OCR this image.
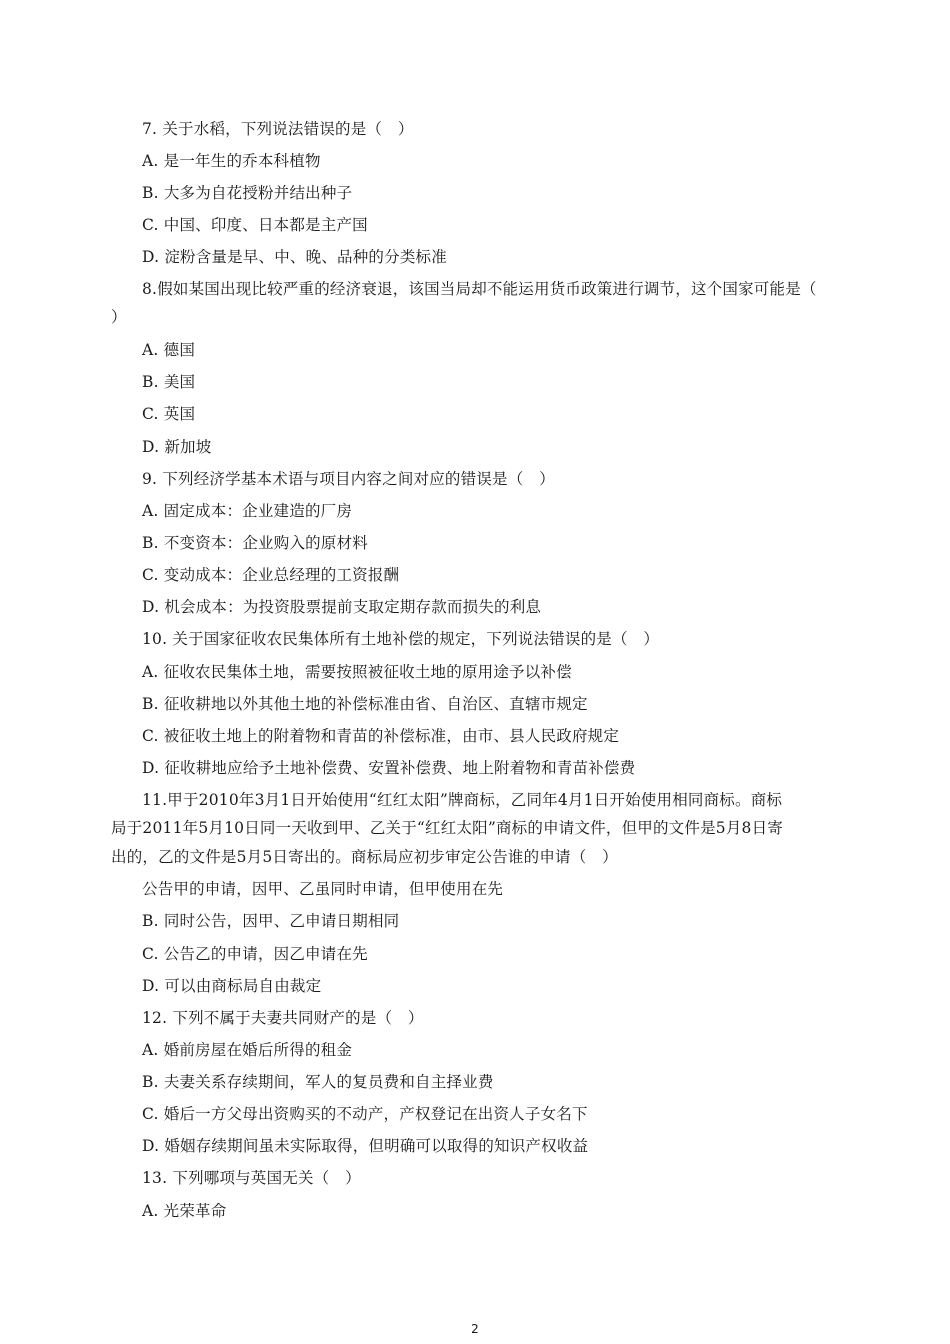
7. 关于水稻，下列说法错误的是（　）
A. 是一年生的乔本科植物
B. 大多为自花授粉并结出种子
C. 中国、印度、日本都是主产国
D. 淀粉含量是早、中、晚、品种的分类标准
8.假如某国出现比较严重的经济衰退，该国当局却不能运用货币政策进行调节，这个国家可能是（
）
A. 德国
B. 美国
C. 英国
D. 新加坡
9. 下列经济学基本术语与项目内容之间对应的错误是（　）
A. 固定成本：企业建造的厂房
B. 不变资本：企业购入的原材料
C. 变动成本：企业总经理的工资报酬
D. 机会成本：为投资股票提前支取定期存款而损失的利息
10. 关于国家征收农民集体所有土地补偿的规定，下列说法错误的是（　）
A. 征收农民集体土地，需要按照被征收土地的原用途予以补偿
B. 征收耕地以外其他土地的补偿标准由省、自治区、直辖市规定
C. 被征收土地上的附着物和青苗的补偿标准，由市、县人民政府规定
D. 征收耕地应给予土地补偿费、安置补偿费、地上附着物和青苗补偿费
11.甲于2010年3月1日开始使用“红红太阳”牌商标，乙同年4月1日开始使用相同商标。商标
局于2011年5月10日同一天收到甲、乙关于“红红太阳”商标的申请文件，但甲的文件是5月8日寄
出的，乙的文件是5月5日寄出的。商标局应初步审定公告谁的申请（　）
公告甲的申请，因甲、乙虽同时申请，但甲使用在先
B. 同时公告，因甲、乙申请日期相同
C. 公告乙的申请，因乙申请在先
D. 可以由商标局自由裁定
12. 下列不属于夫妻共同财产的是（　）
A. 婚前房屋在婚后所得的租金
B. 夫妻关系存续期间，军人的复员费和自主择业费
C. 婚后一方父母出资购买的不动产，产权登记在出资人子女名下
D. 婚姻存续期间虽未实际取得，但明确可以取得的知识产权收益
13. 下列哪项与英国无关（　）
A. 光荣革命
2
